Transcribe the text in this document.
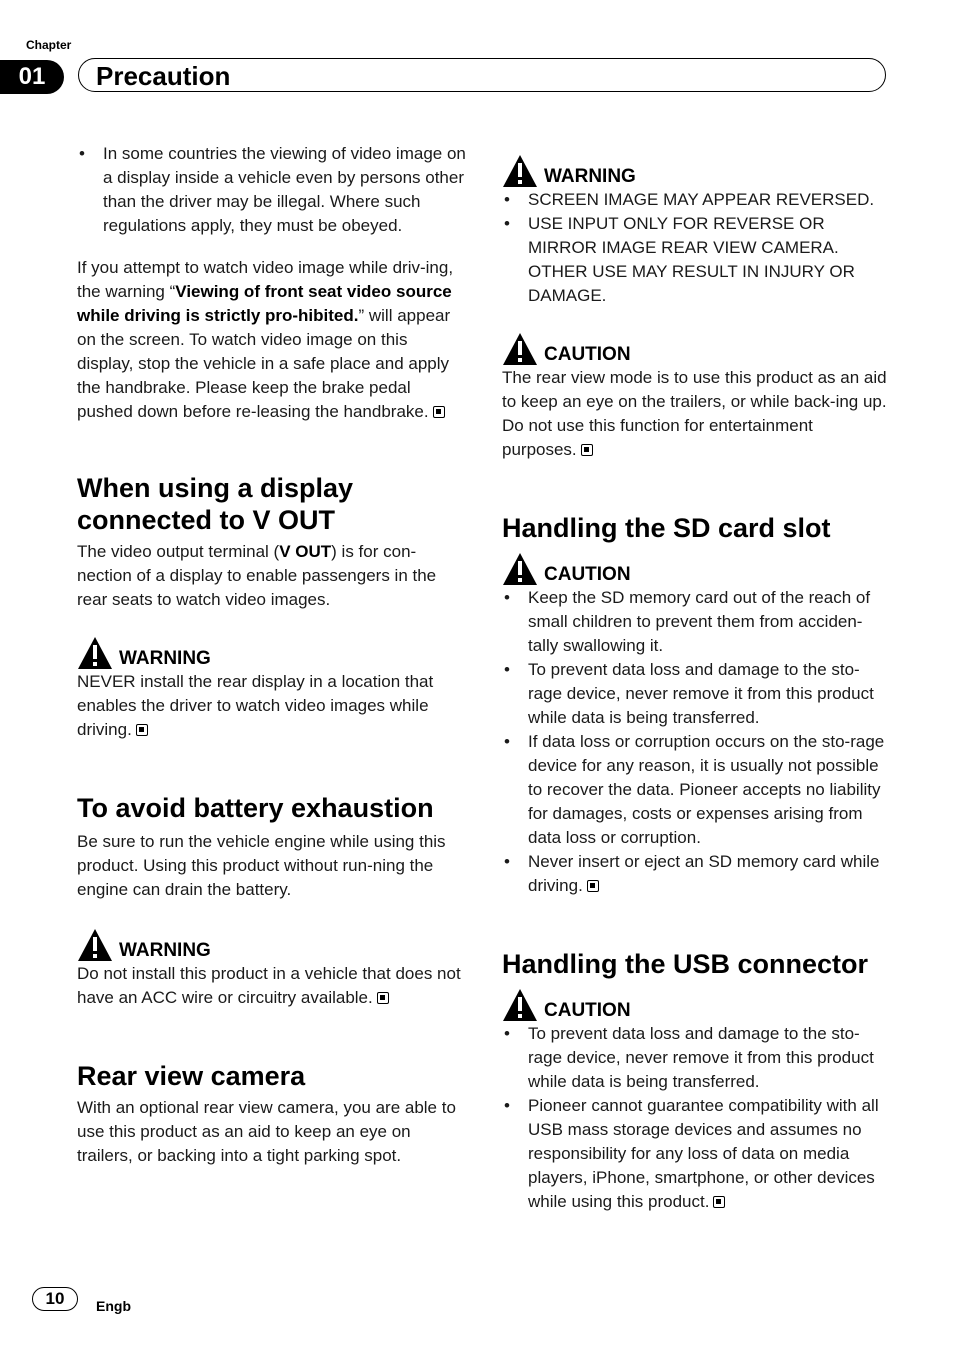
Chapter
01	Precaution
• In some countries the viewing of video image on a display inside a vehicle even by persons other than the driver may be illegal. Where such regulations apply, they must be obeyed.

If you attempt to watch video image while driv-ing, the warning “Viewing of front seat video source while driving is strictly pro-hibited.” will appear on the screen. To watch video image on this display, stop the vehicle in a safe place and apply the handbrake. Please keep the brake pedal pushed down before re-leasing the handbrake.

When using a display connected to V OUT

The video output terminal (V OUT) is for con-nection of a display to enable passengers in the rear seats to watch video images.

WARNING

NEVER install the rear display in a location that enables the driver to watch video images while driving.

To avoid battery exhaustion

Be sure to run the vehicle engine while using this product. Using this product without run-ning the engine can drain the battery.

WARNING

Do not install this product in a vehicle that does not have an ACC wire or circuitry available.

Rear view camera

With an optional rear view camera, you are able to use this product as an aid to keep an eye on trailers, or backing into a tight parking spot.

WARNING
• SCREEN IMAGE MAY APPEAR REVERSED.
• USE INPUT ONLY FOR REVERSE OR MIRROR IMAGE REAR VIEW CAMERA. OTHER USE MAY RESULT IN INJURY OR DAMAGE.
CAUTION

The rear view mode is to use this product as an aid to keep an eye on the trailers, or while back-ing up. Do not use this function for entertainment purposes.

Handling the SD card slot
CAUTION
• Keep the SD memory card out of the reach of small children to prevent them from acciden-tally swallowing it.
• To prevent data loss and damage to the sto-rage device, never remove it from this product while data is being transferred.
• If data loss or corruption occurs on the sto-rage device for any reason, it is usually not possible to recover the data. Pioneer accepts no liability for damages, costs or expenses arising from data loss or corruption.
• Never insert or eject an SD memory card while driving.
Handling the USB connector
CAUTION
• To prevent data loss and damage to the sto-rage device, never remove it from this product while data is being transferred.
• Pioneer cannot guarantee compatibility with all USB mass storage devices and assumes no responsibility for any loss of data on media players, iPhone, smartphone, or other devices while using this product.
10	Engb
